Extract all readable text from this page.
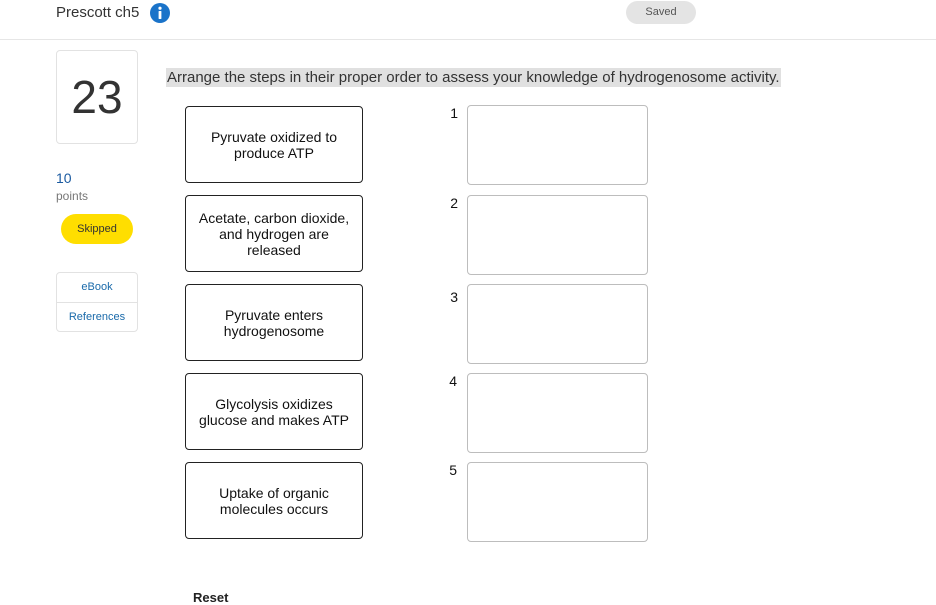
Prescott ch5	Saved
23
10
points
Skipped
eBook
References
Arrange the steps in their proper order to assess your knowledge of hydrogenosome activity.
Pyruvate oxidized to produce ATP
Acetate, carbon dioxide, and hydrogen are released
Pyruvate enters hydrogenosome
Glycolysis oxidizes glucose and makes ATP
Uptake of organic molecules occurs
1
2
3
4
5
Reset
